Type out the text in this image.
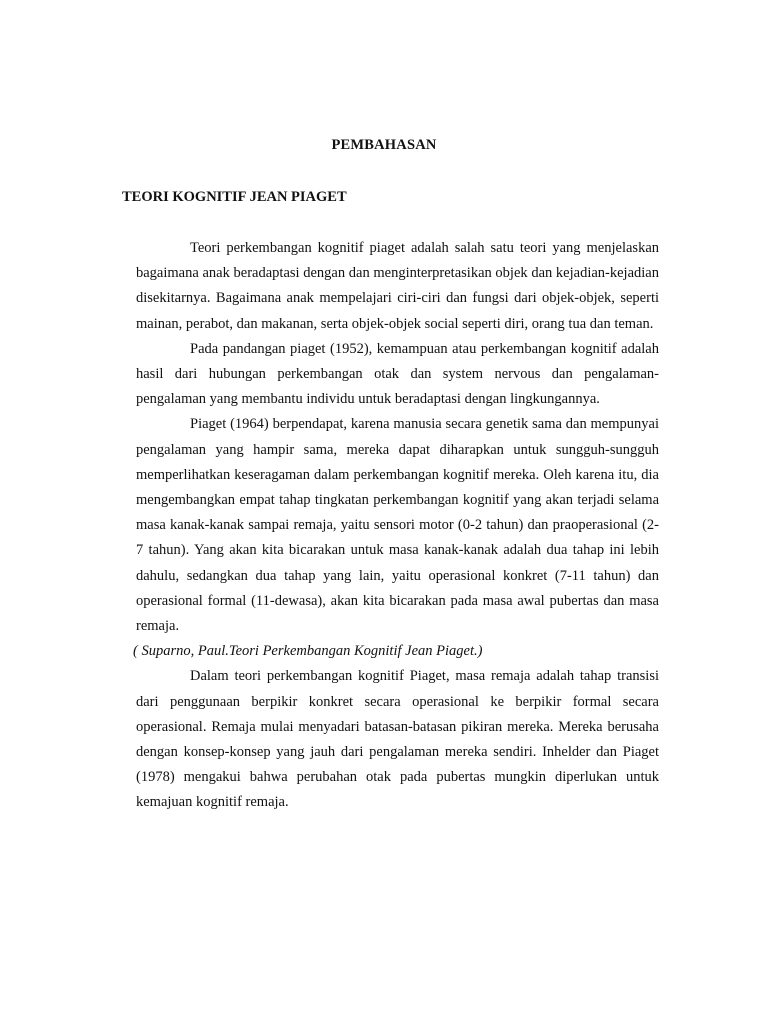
PEMBAHASAN
TEORI KOGNITIF JEAN PIAGET

Teori perkembangan kognitif piaget adalah salah satu teori yang menjelaskan bagaimana anak beradaptasi dengan dan menginterpretasikan objek dan kejadian-kejadian disekitarnya. Bagaimana anak mempelajari ciri-ciri dan fungsi dari objek-objek, seperti mainan, perabot, dan makanan, serta objek-objek social seperti diri, orang tua dan teman.

Pada pandangan piaget (1952), kemampuan atau perkembangan kognitif adalah hasil dari hubungan perkembangan otak dan system nervous dan pengalaman-pengalaman yang membantu individu untuk beradaptasi dengan lingkungannya.

Piaget (1964) berpendapat, karena manusia secara genetik sama dan mempunyai pengalaman yang hampir sama, mereka dapat diharapkan untuk sungguh-sungguh memperlihatkan keseragaman dalam perkembangan kognitif mereka. Oleh karena itu, dia mengembangkan empat tahap tingkatan perkembangan kognitif yang akan terjadi selama masa kanak-kanak sampai remaja, yaitu sensori motor (0-2 tahun) dan praoperasional (2-7 tahun). Yang akan kita bicarakan untuk masa kanak-kanak adalah dua tahap ini lebih dahulu, sedangkan dua tahap yang lain, yaitu operasional konkret (7-11 tahun) dan operasional formal (11-dewasa), akan kita bicarakan pada masa awal pubertas dan masa remaja.

( Suparno, Paul.Teori Perkembangan Kognitif Jean Piaget.)

Dalam teori perkembangan kognitif Piaget, masa remaja adalah tahap transisi dari penggunaan berpikir konkret secara operasional ke berpikir formal secara operasional. Remaja mulai menyadari batasan-batasan pikiran mereka. Mereka berusaha dengan konsep-konsep yang jauh dari pengalaman mereka sendiri. Inhelder dan Piaget (1978) mengakui bahwa perubahan otak pada pubertas mungkin diperlukan untuk kemajuan kognitif remaja.
